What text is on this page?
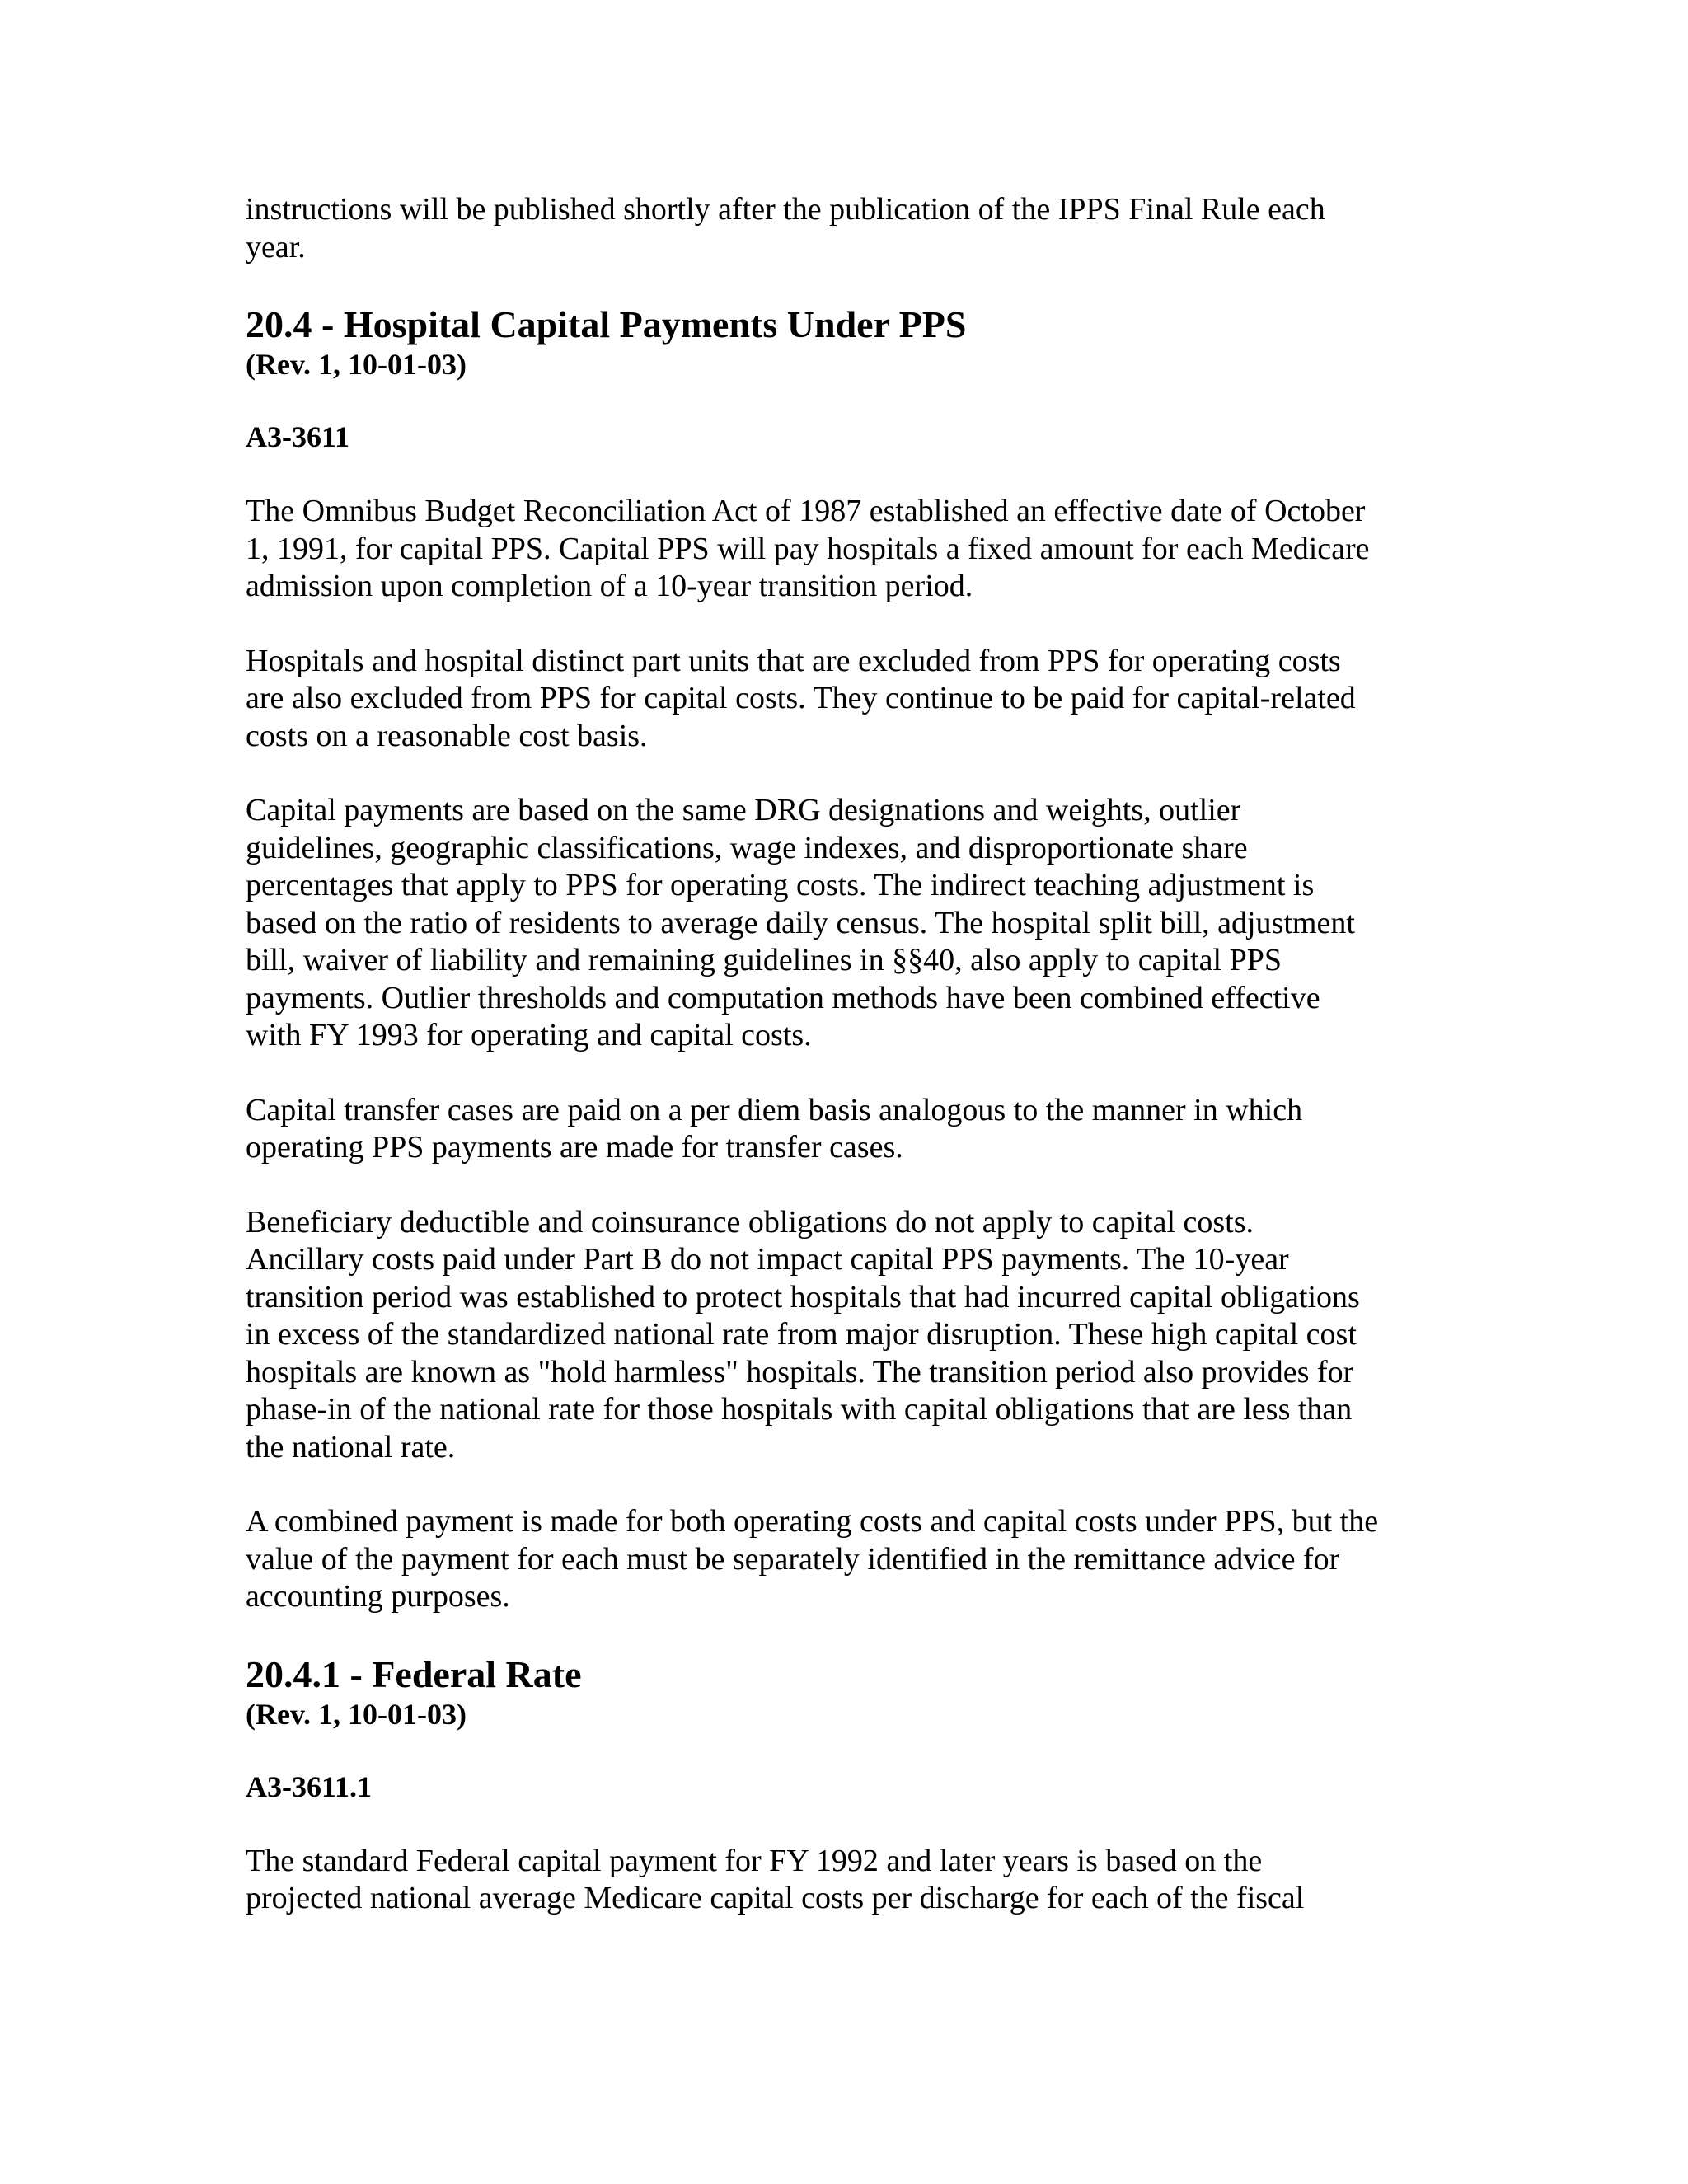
instructions will be published shortly after the publication of the IPPS Final Rule each
year.

20.4 - Hospital Capital Payments Under PPS
(Rev. 1, 10-01-03)
A3-3611

The Omnibus Budget Reconciliation Act of 1987 established an effective date of October
1, 1991, for capital PPS. Capital PPS will pay hospitals a fixed amount for each Medicare
admission upon completion of a 10-year transition period.

Hospitals and hospital distinct part units that are excluded from PPS for operating costs
are also excluded from PPS for capital costs. They continue to be paid for capital-related
costs on a reasonable cost basis.

Capital payments are based on the same DRG designations and weights, outlier
guidelines, geographic classifications, wage indexes, and disproportionate share
percentages that apply to PPS for operating costs. The indirect teaching adjustment is
based on the ratio of residents to average daily census. The hospital split bill, adjustment
bill, waiver of liability and remaining guidelines in §§40, also apply to capital PPS
payments. Outlier thresholds and computation methods have been combined effective
with FY 1993 for operating and capital costs.

Capital transfer cases are paid on a per diem basis analogous to the manner in which
operating PPS payments are made for transfer cases.

Beneficiary deductible and coinsurance obligations do not apply to capital costs.
Ancillary costs paid under Part B do not impact capital PPS payments. The 10-year
transition period was established to protect hospitals that had incurred capital obligations
in excess of the standardized national rate from major disruption. These high capital cost
hospitals are known as "hold harmless" hospitals. The transition period also provides for
phase-in of the national rate for those hospitals with capital obligations that are less than
the national rate.

A combined payment is made for both operating costs and capital costs under PPS, but the
value of the payment for each must be separately identified in the remittance advice for
accounting purposes.

20.4.1 - Federal Rate
(Rev. 1, 10-01-03)
A3-3611.1

The standard Federal capital payment for FY 1992 and later years is based on the
projected national average Medicare capital costs per discharge for each of the fiscal
